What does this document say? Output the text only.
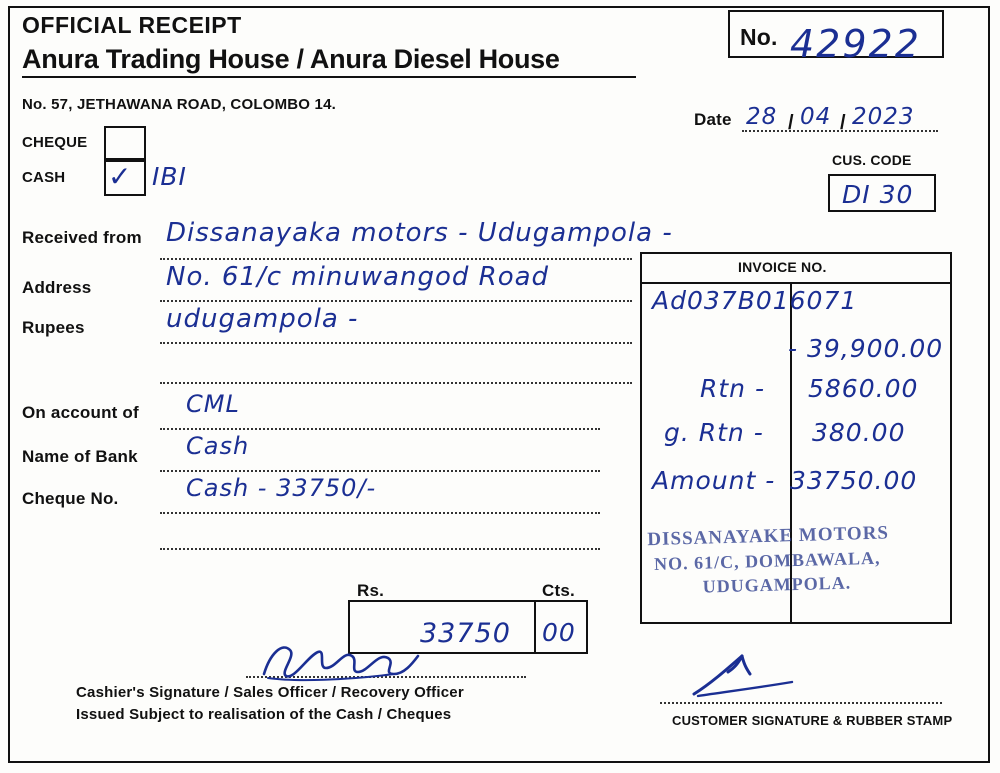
OFFICIAL RECEIPT
Anura Trading House / Anura Diesel House
No. 57, JETHAWANA ROAD, COLOMBO 14.
No. 42922
Date 28 04 2023
/ /
CHEQUE
CASH ✓ IBI
CUS. CODE
DI 30
Received from
Address
Rupees
On account of
Name of Bank
Cheque No.
Dissanayaka motors - Udugampola -
No. 61/c minuwangod Road
udugampola -
CML
Cash
Cash - 33750/-
INVOICE NO.
Ad037B016071
- 39,900.00
Rtn - 5860.00
g. Rtn - 380.00
Amount - 33750.00
DISSANAYAKE MOTORS
NO. 61/C, DOMBAWALA,
UDUGAMPOLA.
Rs.	Cts.
33750 00
Cashier's Signature / Sales Officer / Recovery Officer
Issued Subject to realisation of the Cash / Cheques	CUSTOMER SIGNATURE & RUBBER STAMP
